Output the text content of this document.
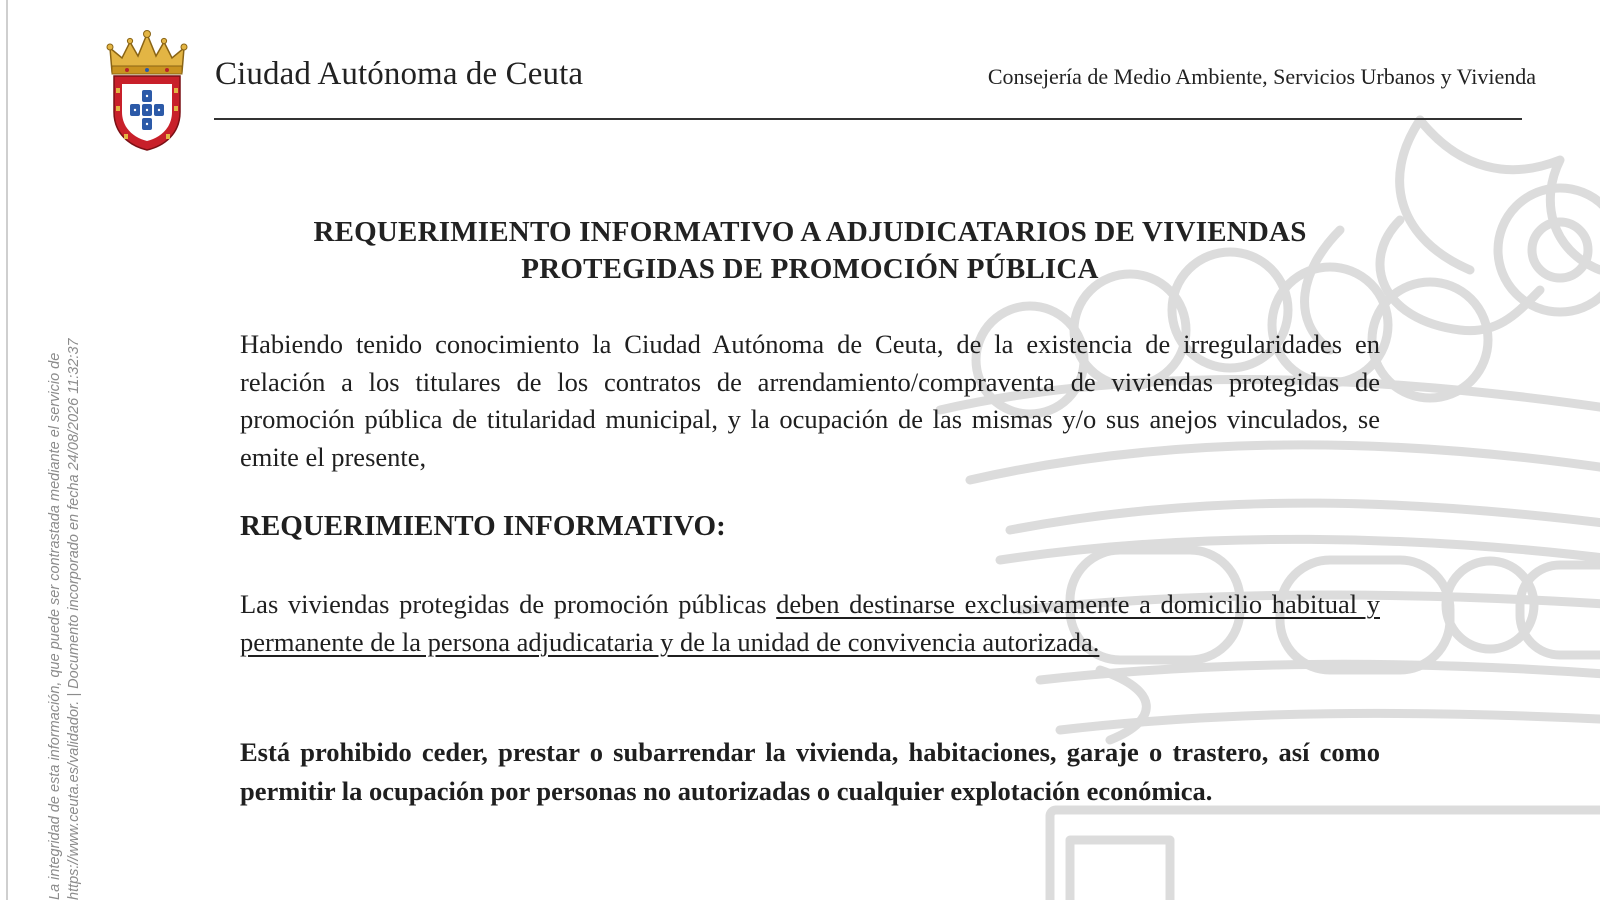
Ciudad Autónoma de Ceuta	Consejería de Medio Ambiente, Servicios Urbanos y Vivienda
La integridad de esta información, que puede ser contrastada mediante el servicio de https://www.ceuta.es/validador. | Documento incorporado en fecha 24/08/2026 11:32:37
REQUERIMIENTO INFORMATIVO A ADJUDICATARIOS DE VIVIENDAS
PROTEGIDAS DE PROMOCIÓN PÚBLICA
Habiendo tenido conocimiento la Ciudad Autónoma de Ceuta, de la existencia de irregularidades en relación a los titulares de los contratos de arrendamiento/compraventa de viviendas protegidas de promoción pública de titularidad municipal, y la ocupación de las mismas y/o sus anejos vinculados, se emite el presente,
REQUERIMIENTO INFORMATIVO:
Las viviendas protegidas de promoción públicas deben destinarse exclusivamente a domicilio habitual y permanente de la persona adjudicataria y de la unidad de convivencia autorizada.
Está prohibido ceder, prestar o subarrendar la vivienda, habitaciones, garaje o trastero, así como permitir la ocupación por personas no autorizadas o cualquier explotación económica.
